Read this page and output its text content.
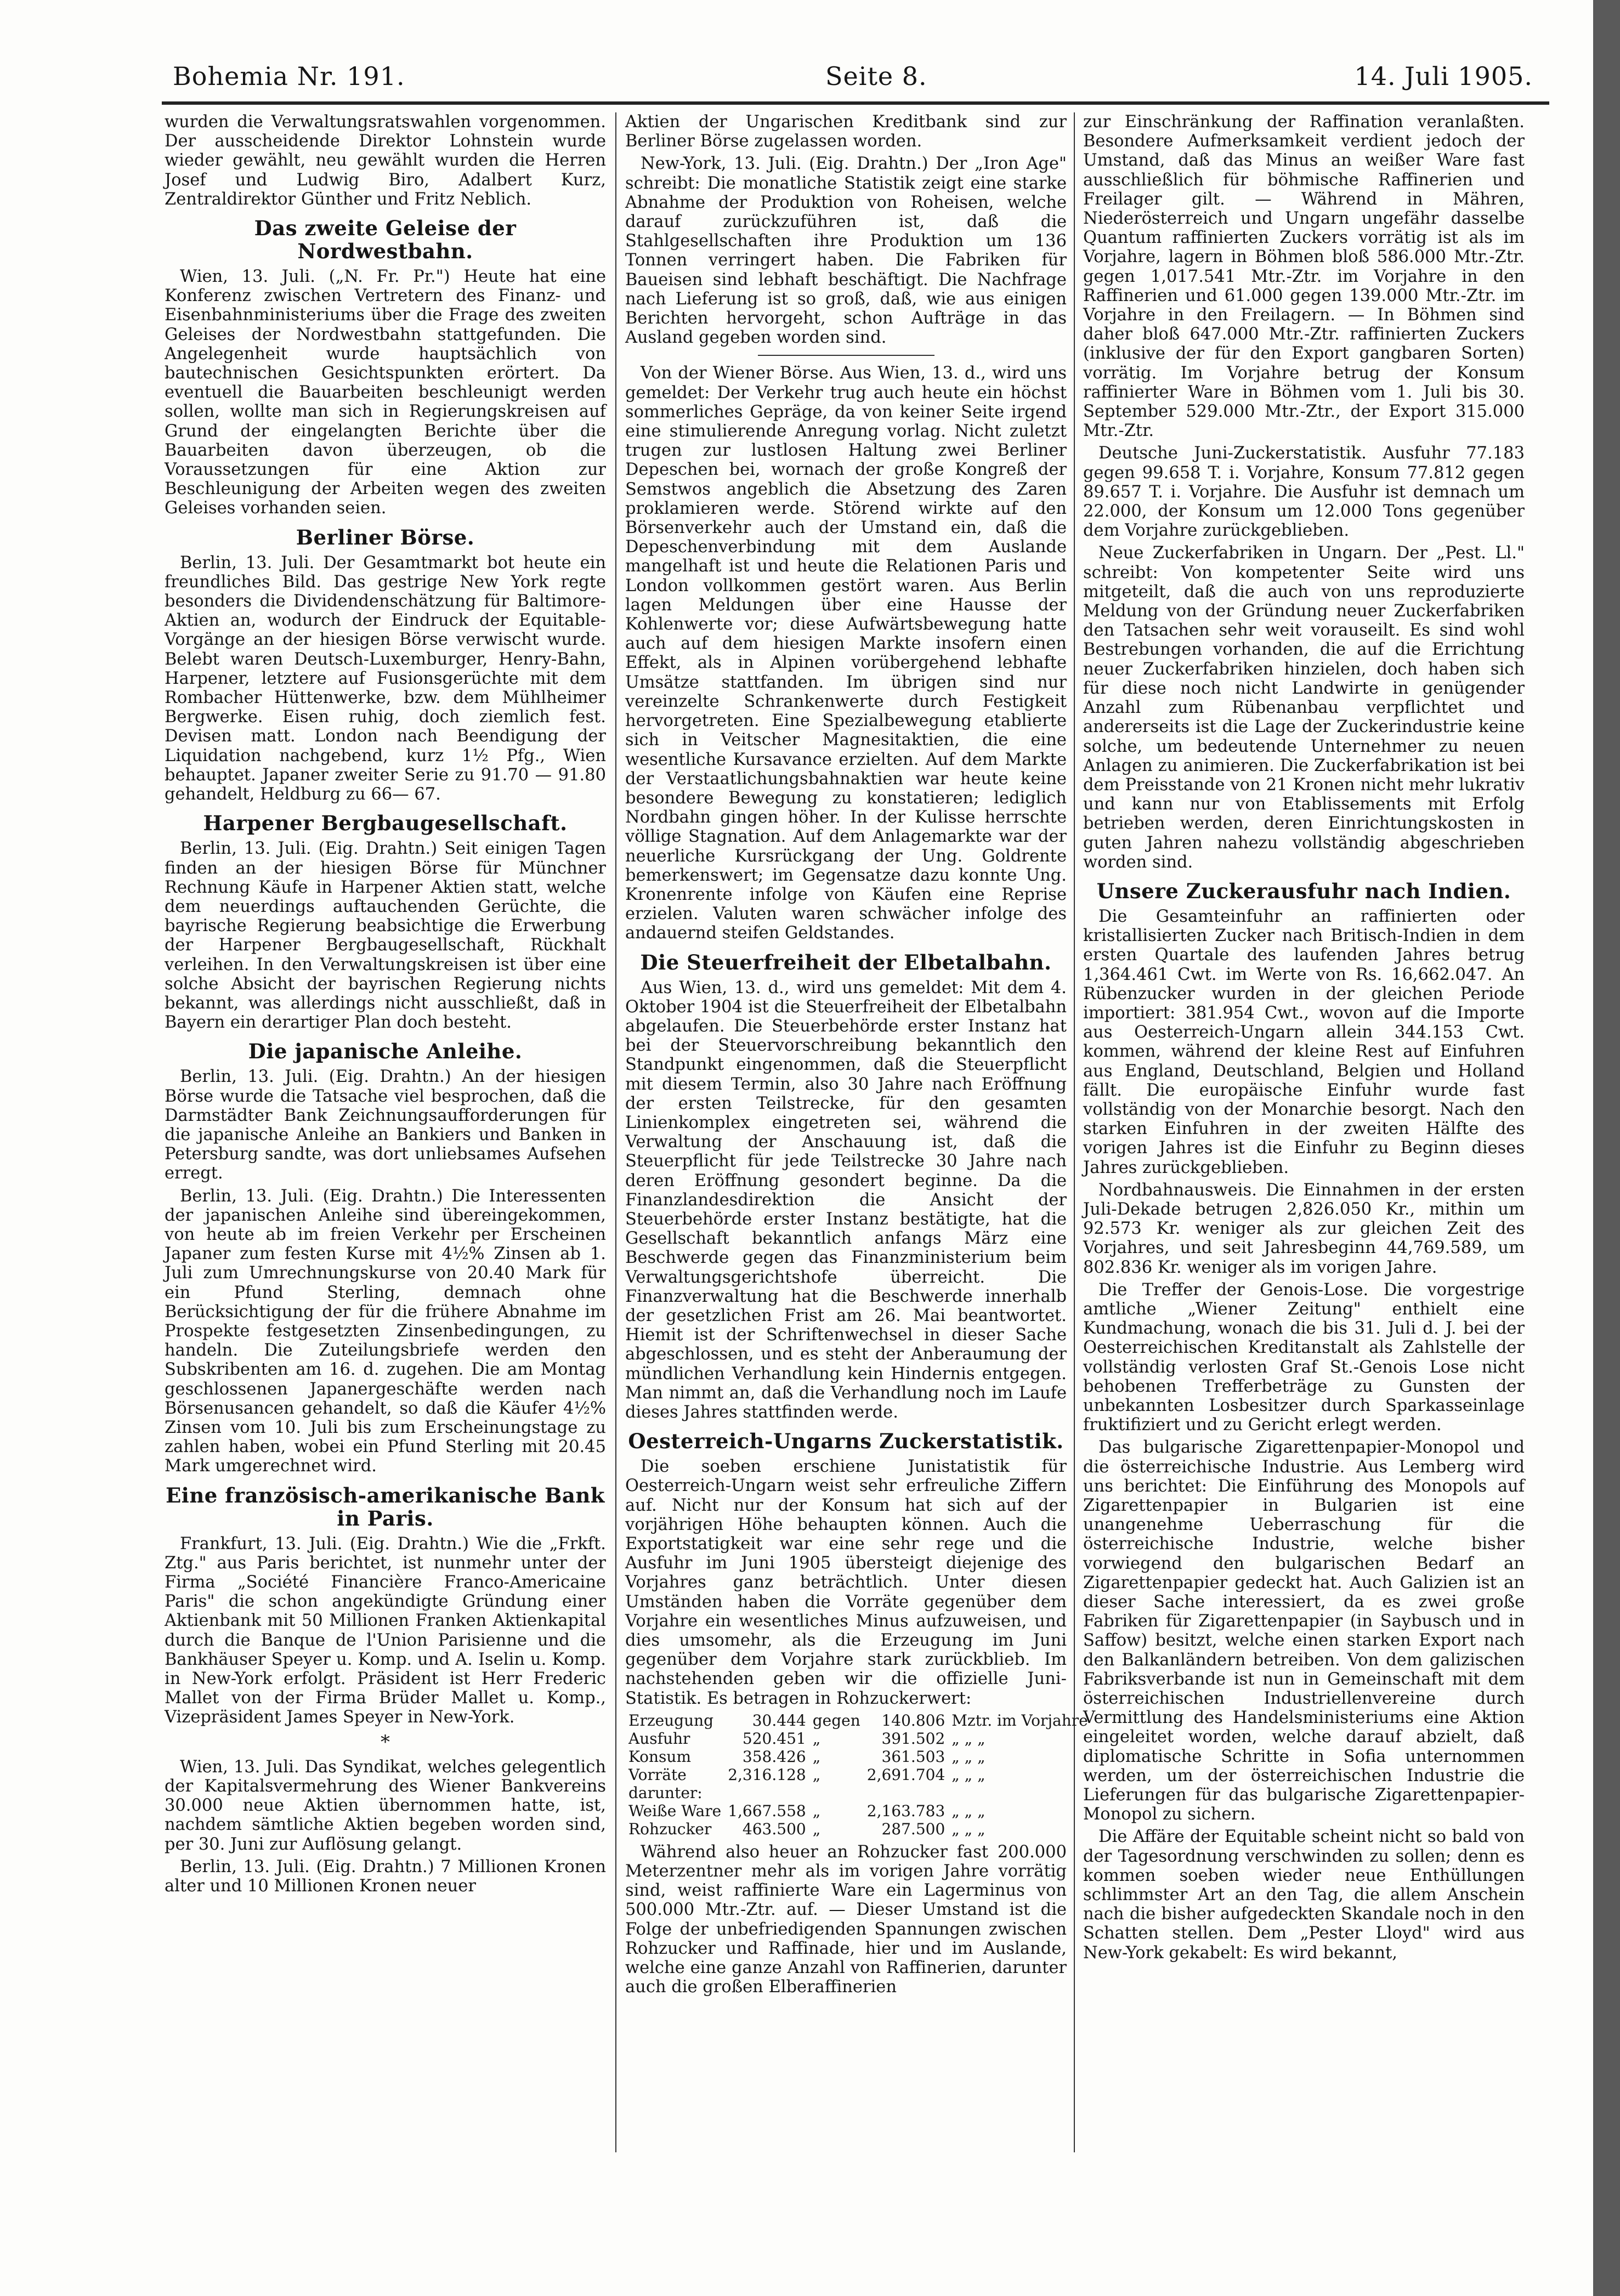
Bohemia Nr. 191.	Seite 8.	14. Juli 1905.

wurden die Verwaltungsratswahlen vorgenommen. Der ausscheidende Direktor Lohnstein wurde wieder gewählt, neu gewählt wurden die Herren Josef und Ludwig Biro, Adalbert Kurz, Zentraldirektor Günther und Fritz Neblich.

Das zweite Geleise der Nordwestbahn.

Wien, 13. Juli. („N. Fr. Pr.") Heute hat eine Konferenz zwischen Vertretern des Finanz- und Eisenbahnministeriums über die Frage des zweiten Geleises der Nordwestbahn stattgefunden. Die Angelegenheit wurde hauptsächlich von bautechnischen Gesichtspunkten erörtert. Da eventuell die Bauarbeiten beschleunigt werden sollen, wollte man sich in Regierungskreisen auf Grund der eingelangten Berichte über die Bauarbeiten davon überzeugen, ob die Voraussetzungen für eine Aktion zur Beschleunigung der Arbeiten wegen des zweiten Geleises vorhanden seien.

Berliner Börse.

Berlin, 13. Juli. Der Gesamtmarkt bot heute ein freundliches Bild. Das gestrige New York regte besonders die Dividendenschätzung für Baltimore-Aktien an, wodurch der Eindruck der Equitable-Vorgänge an der hiesigen Börse verwischt wurde. Belebt waren Deutsch-Luxemburger, Henry-Bahn, Harpener, letztere auf Fusionsgerüchte mit dem Rombacher Hüttenwerke, bzw. dem Mühlheimer Bergwerke. Eisen ruhig, doch ziemlich fest. Devisen matt. London nach Beendigung der Liquidation nachgebend, kurz 1½ Pfg., Wien behauptet. Japaner zweiter Serie zu 91.70 — 91.80 gehandelt, Heldburg zu 66— 67.

Harpener Bergbaugesellschaft.

Berlin, 13. Juli. (Eig. Drahtn.) Seit einigen Tagen finden an der hiesigen Börse für Münchner Rechnung Käufe in Harpener Aktien statt, welche dem neuerdings auftauchenden Gerüchte, die bayrische Regierung beabsichtige die Erwerbung der Harpener Bergbaugesellschaft, Rückhalt verleihen. In den Verwaltungskreisen ist über eine solche Absicht der bayrischen Regierung nichts bekannt, was allerdings nicht ausschließt, daß in Bayern ein derartiger Plan doch besteht.

Die japanische Anleihe.

Berlin, 13. Juli. (Eig. Drahtn.) An der hiesigen Börse wurde die Tatsache viel besprochen, daß die Darmstädter Bank Zeichnungsaufforderungen für die japanische Anleihe an Bankiers und Banken in Petersburg sandte, was dort unliebsames Aufsehen erregt.

Berlin, 13. Juli. (Eig. Drahtn.) Die Interessenten der japanischen Anleihe sind übereingekommen, von heute ab im freien Verkehr per Erscheinen Japaner zum festen Kurse mit 4½% Zinsen ab 1. Juli zum Umrechnungskurse von 20.40 Mark für ein Pfund Sterling, demnach ohne Berücksichtigung der für die frühere Abnahme im Prospekte festgesetzten Zinsenbedingungen, zu handeln. Die Zuteilungsbriefe werden den Subskribenten am 16. d. zugehen. Die am Montag geschlossenen Japanergeschäfte werden nach Börsenusancen gehandelt, so daß die Käufer 4½% Zinsen vom 10. Juli bis zum Erscheinungstage zu zahlen haben, wobei ein Pfund Sterling mit 20.45 Mark umgerechnet wird.

Eine französisch-amerikanische Bank in Paris.

Frankfurt, 13. Juli. (Eig. Drahtn.) Wie die „Frkft. Ztg." aus Paris berichtet, ist nunmehr unter der Firma „Société Financière Franco-Americaine Paris" die schon angekündigte Gründung einer Aktienbank mit 50 Millionen Franken Aktienkapital durch die Banque de l'Union Parisienne und die Bankhäuser Speyer u. Komp. und A. Iselin u. Komp. in New-York erfolgt. Präsident ist Herr Frederic Mallet von der Firma Brüder Mallet u. Komp., Vizepräsident James Speyer in New-York.

*

Wien, 13. Juli. Das Syndikat, welches gelegentlich der Kapitalsvermehrung des Wiener Bankvereins 30.000 neue Aktien übernommen hatte, ist, nachdem sämtliche Aktien begeben worden sind, per 30. Juni zur Auflösung gelangt.

Berlin, 13. Juli. (Eig. Drahtn.) 7 Millionen Kronen alter und 10 Millionen Kronen neuer

Aktien der Ungarischen Kreditbank sind zur Berliner Börse zugelassen worden.

New-York, 13. Juli. (Eig. Drahtn.) Der „Iron Age" schreibt: Die monatliche Statistik zeigt eine starke Abnahme der Produktion von Roheisen, welche darauf zurückzuführen ist, daß die Stahlgesellschaften ihre Produktion um 136 Tonnen verringert haben. Die Fabriken für Baueisen sind lebhaft beschäftigt. Die Nachfrage nach Lieferung ist so groß, daß, wie aus einigen Berichten hervorgeht, schon Aufträge in das Ausland gegeben worden sind.

Von der Wiener Börse. Aus Wien, 13. d., wird uns gemeldet: Der Verkehr trug auch heute ein höchst sommerliches Gepräge, da von keiner Seite irgend eine stimulierende Anregung vorlag. Nicht zuletzt trugen zur lustlosen Haltung zwei Berliner Depeschen bei, wornach der große Kongreß der Semstwos angeblich die Absetzung des Zaren proklamieren werde. Störend wirkte auf den Börsenverkehr auch der Umstand ein, daß die Depeschenverbindung mit dem Auslande mangelhaft ist und heute die Relationen Paris und London vollkommen gestört waren. Aus Berlin lagen Meldungen über eine Hausse der Kohlenwerte vor; diese Aufwärtsbewegung hatte auch auf dem hiesigen Markte insofern einen Effekt, als in Alpinen vorübergehend lebhafte Umsätze stattfanden. Im übrigen sind nur vereinzelte Schrankenwerte durch Festigkeit hervorgetreten. Eine Spezialbewegung etablierte sich in Veitscher Magnesitaktien, die eine wesentliche Kursavance erzielten. Auf dem Markte der Verstaatlichungsbahnaktien war heute keine besondere Bewegung zu konstatieren; lediglich Nordbahn gingen höher. In der Kulisse herrschte völlige Stagnation. Auf dem Anlagemarkte war der neuerliche Kursrückgang der Ung. Goldrente bemerkenswert; im Gegensatze dazu konnte Ung. Kronenrente infolge von Käufen eine Reprise erzielen. Valuten waren schwächer infolge des andauernd steifen Geldstandes.

Die Steuerfreiheit der Elbetalbahn.

Aus Wien, 13. d., wird uns gemeldet: Mit dem 4. Oktober 1904 ist die Steuerfreiheit der Elbetalbahn abgelaufen. Die Steuerbehörde erster Instanz hat bei der Steuervorschreibung bekanntlich den Standpunkt eingenommen, daß die Steuerpflicht mit diesem Termin, also 30 Jahre nach Eröffnung der ersten Teilstrecke, für den gesamten Linienkomplex eingetreten sei, während die Verwaltung der Anschauung ist, daß die Steuerpflicht für jede Teilstrecke 30 Jahre nach deren Eröffnung gesondert beginne. Da die Finanzlandesdirektion die Ansicht der Steuerbehörde erster Instanz bestätigte, hat die Gesellschaft bekanntlich anfangs März eine Beschwerde gegen das Finanzministerium beim Verwaltungsgerichtshofe überreicht. Die Finanzverwaltung hat die Beschwerde innerhalb der gesetzlichen Frist am 26. Mai beantwortet. Hiemit ist der Schriftenwechsel in dieser Sache abgeschlossen, und es steht der Anberaumung der mündlichen Verhandlung kein Hindernis entgegen. Man nimmt an, daß die Verhandlung noch im Laufe dieses Jahres stattfinden werde.

Oesterreich-Ungarns Zuckerstatistik.

Die soeben erschiene Junistatistik für Oesterreich-Ungarn weist sehr erfreuliche Ziffern auf. Nicht nur der Konsum hat sich auf der vorjährigen Höhe behaupten können. Auch die Exportstatigkeit war eine sehr rege und die Ausfuhr im Juni 1905 übersteigt diejenige des Vorjahres ganz beträchtlich. Unter diesen Umständen haben die Vorräte gegenüber dem Vorjahre ein wesentliches Minus aufzuweisen, und dies umsomehr, als die Erzeugung im Juni gegenüber dem Vorjahre stark zurückblieb. Im nachstehenden geben wir die offizielle Juni-Statistik. Es betragen in Rohzuckerwert:

Erzeugung	30.444	gegen	140.806	Mztr. im Vorjahre
Ausfuhr	520.451	„	391.502	„ „ „
Konsum	358.426	„	361.503	„ „ „
Vorräte	2,316.128	„	2,691.704	„ „ „
darunter:				
Weiße Ware	1,667.558	„	2,163.783	„ „ „
Rohzucker	463.500	„	287.500	„ „ „

Während also heuer an Rohzucker fast 200.000 Meterzentner mehr als im vorigen Jahre vorrätig sind, weist raffinierte Ware ein Lagerminus von 500.000 Mtr.-Ztr. auf. — Dieser Umstand ist die Folge der unbefriedigenden Spannungen zwischen Rohzucker und Raffinade, hier und im Auslande, welche eine ganze Anzahl von Raffinerien, darunter auch die großen Elberaffinerien

zur Einschränkung der Raffination veranlaßten. Besondere Aufmerksamkeit verdient jedoch der Umstand, daß das Minus an weißer Ware fast ausschließlich für böhmische Raffinerien und Freilager gilt. — Während in Mähren, Niederösterreich und Ungarn ungefähr dasselbe Quantum raffinierten Zuckers vorrätig ist als im Vorjahre, lagern in Böhmen bloß 586.000 Mtr.-Ztr. gegen 1,017.541 Mtr.-Ztr. im Vorjahre in den Raffinerien und 61.000 gegen 139.000 Mtr.-Ztr. im Vorjahre in den Freilagern. — In Böhmen sind daher bloß 647.000 Mtr.-Ztr. raffinierten Zuckers (inklusive der für den Export gangbaren Sorten) vorrätig. Im Vorjahre betrug der Konsum raffinierter Ware in Böhmen vom 1. Juli bis 30. September 529.000 Mtr.-Ztr., der Export 315.000 Mtr.-Ztr.

Deutsche Juni-Zuckerstatistik. Ausfuhr 77.183 gegen 99.658 T. i. Vorjahre, Konsum 77.812 gegen 89.657 T. i. Vorjahre. Die Ausfuhr ist demnach um 22.000, der Konsum um 12.000 Tons gegenüber dem Vorjahre zurückgeblieben.

Neue Zuckerfabriken in Ungarn. Der „Pest. Ll." schreibt: Von kompetenter Seite wird uns mitgeteilt, daß die auch von uns reproduzierte Meldung von der Gründung neuer Zuckerfabriken den Tatsachen sehr weit vorauseilt. Es sind wohl Bestrebungen vorhanden, die auf die Errichtung neuer Zuckerfabriken hinzielen, doch haben sich für diese noch nicht Landwirte in genügender Anzahl zum Rübenanbau verpflichtet und andererseits ist die Lage der Zuckerindustrie keine solche, um bedeutende Unternehmer zu neuen Anlagen zu animieren. Die Zuckerfabrikation ist bei dem Preisstande von 21 Kronen nicht mehr lukrativ und kann nur von Etablissements mit Erfolg betrieben werden, deren Einrichtungskosten in guten Jahren nahezu vollständig abgeschrieben worden sind.

Unsere Zuckerausfuhr nach Indien.

Die Gesamteinfuhr an raffinierten oder kristallisierten Zucker nach Britisch-Indien in dem ersten Quartale des laufenden Jahres betrug 1,364.461 Cwt. im Werte von Rs. 16,662.047. An Rübenzucker wurden in der gleichen Periode importiert: 381.954 Cwt., wovon auf die Importe aus Oesterreich-Ungarn allein 344.153 Cwt. kommen, während der kleine Rest auf Einfuhren aus England, Deutschland, Belgien und Holland fällt. Die europäische Einfuhr wurde fast vollständig von der Monarchie besorgt. Nach den starken Einfuhren in der zweiten Hälfte des vorigen Jahres ist die Einfuhr zu Beginn dieses Jahres zurückgeblieben.

Nordbahnausweis. Die Einnahmen in der ersten Juli-Dekade betrugen 2,826.050 Kr., mithin um 92.573 Kr. weniger als zur gleichen Zeit des Vorjahres, und seit Jahresbeginn 44,769.589, um 802.836 Kr. weniger als im vorigen Jahre.

Die Treffer der Genois-Lose. Die vorgestrige amtliche „Wiener Zeitung" enthielt eine Kundmachung, wonach die bis 31. Juli d. J. bei der Oesterreichischen Kreditanstalt als Zahlstelle der vollständig verlosten Graf St.-Genois Lose nicht behobenen Trefferbeträge zu Gunsten der unbekannten Losbesitzer durch Sparkasseinlage fruktifiziert und zu Gericht erlegt werden.

Das bulgarische Zigarettenpapier-Monopol und die österreichische Industrie. Aus Lemberg wird uns berichtet: Die Einführung des Monopols auf Zigarettenpapier in Bulgarien ist eine unangenehme Ueberraschung für die österreichische Industrie, welche bisher vorwiegend den bulgarischen Bedarf an Zigarettenpapier gedeckt hat. Auch Galizien ist an dieser Sache interessiert, da es zwei große Fabriken für Zigarettenpapier (in Saybusch und in Saffow) besitzt, welche einen starken Export nach den Balkanländern betreiben. Von dem galizischen Fabriksverbande ist nun in Gemeinschaft mit dem österreichischen Industriellenvereine durch Vermittlung des Handelsministeriums eine Aktion eingeleitet worden, welche darauf abzielt, daß diplomatische Schritte in Sofia unternommen werden, um der österreichischen Industrie die Lieferungen für das bulgarische Zigarettenpapier-Monopol zu sichern.

Die Affäre der Equitable scheint nicht so bald von der Tagesordnung verschwinden zu sollen; denn es kommen soeben wieder neue Enthüllungen schlimmster Art an den Tag, die allem Anschein nach die bisher aufgedeckten Skandale noch in den Schatten stellen. Dem „Pester Lloyd" wird aus New-York gekabelt: Es wird bekannt,
